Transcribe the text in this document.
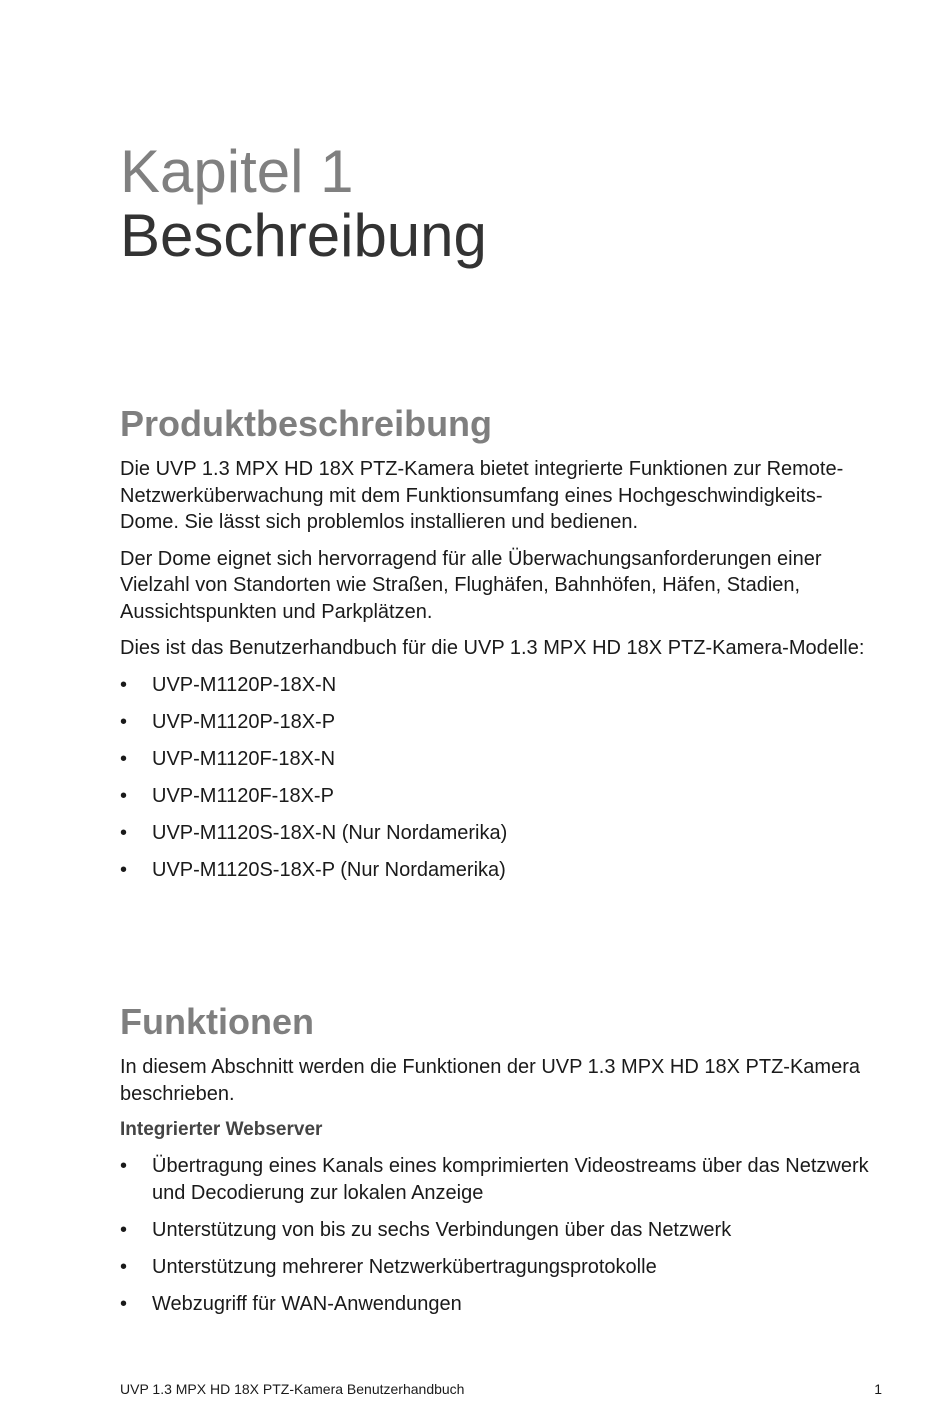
Kapitel 1
Beschreibung
Produktbeschreibung

Die UVP 1.3 MPX HD 18X PTZ-Kamera bietet integrierte Funktionen zur Remote-Netzwerküberwachung mit dem Funktionsumfang eines Hochgeschwindigkeits-Dome. Sie lässt sich problemlos installieren und bedienen.

Der Dome eignet sich hervorragend für alle Überwachungsanforderungen einer Vielzahl von Standorten wie Straßen, Flughäfen, Bahnhöfen, Häfen, Stadien, Aussichtspunkten und Parkplätzen.

Dies ist das Benutzerhandbuch für die UVP 1.3 MPX HD 18X PTZ-Kamera-Modelle:

• UVP-M1120P-18X-N
• UVP-M1120P-18X-P
• UVP-M1120F-18X-N
• UVP-M1120F-18X-P
• UVP-M1120S-18X-N (Nur Nordamerika)
• UVP-M1120S-18X-P (Nur Nordamerika)
Funktionen

In diesem Abschnitt werden die Funktionen der UVP 1.3 MPX HD 18X PTZ-Kamera beschrieben.

Integrierter Webserver
• Übertragung eines Kanals eines komprimierten Videostreams über das Netzwerk und Decodierung zur lokalen Anzeige
• Unterstützung von bis zu sechs Verbindungen über das Netzwerk
• Unterstützung mehrerer Netzwerkübertragungsprotokolle
• Webzugriff für WAN-Anwendungen
UVP 1.3 MPX HD 18X PTZ-Kamera Benutzerhandbuch	1
